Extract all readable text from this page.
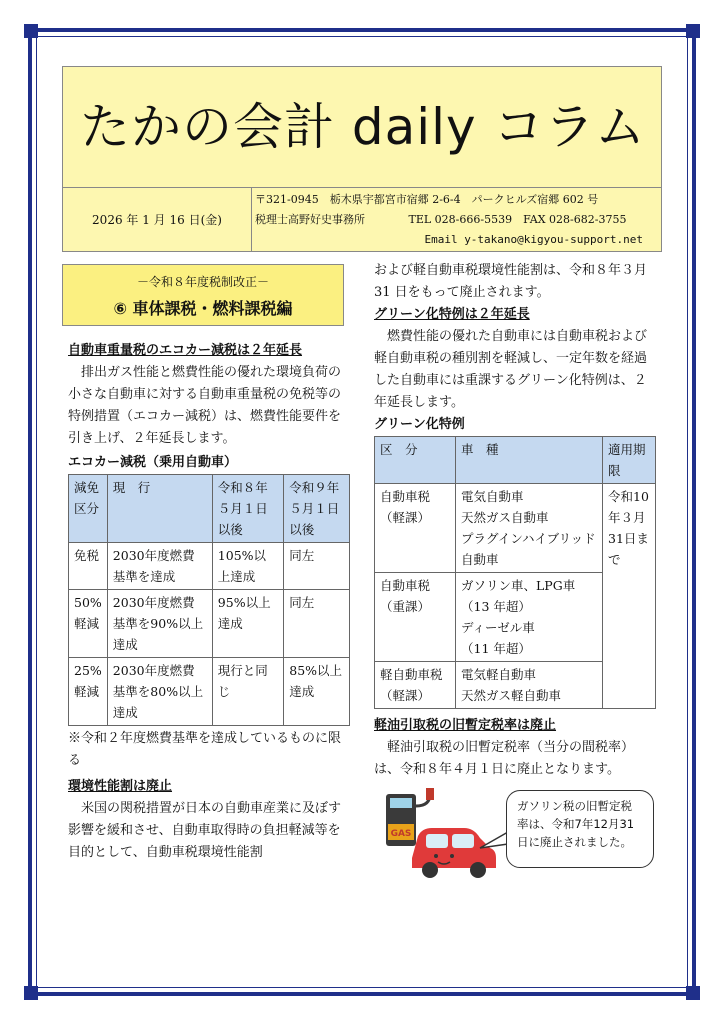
たかの会計 daily コラム
2026 年 1 月 16 日(金)
〒321-0945　栃木県宇都宮市宿郷 2-6-4　パークヒルズ宿郷 602 号
税理士高野好史事務所	TEL 028-666-5539　FAX 028-682-3755
Email y-takano@kigyou-support.net
－令和８年度税制改正－
⑥ 車体課税・燃料課税編
自動車重量税のエコカー減税は２年延長

排出ガス性能と燃費性能の優れた環境負荷の小さな自動車に対する自動車重量税の免税等の特例措置（エコカー減税）は、燃費性能要件を引き上げ、２年延長します。

エコカー減税（乗用自動車）
減免区分	現　行	令和８年５月１日以後	令和９年５月１日以後
免税	2030年度燃費基準を達成	105%以上達成	同左
50%軽減	2030年度燃費基準を90%以上達成	95%以上達成	同左
25%軽減	2030年度燃費基準を80%以上達成	現行と同じ	85%以上達成
※令和２年度燃費基準を達成しているものに限る
環境性能割は廃止

米国の関税措置が日本の自動車産業に及ぼす影響を緩和させ、自動車取得時の負担軽減等を目的として、自動車税環境性能割

および軽自動車税環境性能割は、令和８年３月 31 日をもって廃止されます。
グリーン化特例は２年延長

燃費性能の優れた自動車には自動車税および軽自動車税の種別割を軽減し、一定年数を経過した自動車には重課するグリーン化特例は、２年延長します。

グリーン化特例
区　分	車　種	適用期限
自動車税（軽課）	電気自動車
天然ガス自動車
プラグインハイブリッド自動車	令和10年３月31日まで
自動車税（重課）	ガソリン車、LPG車
（13 年超）
ディーゼル車
（11 年超）	
軽自動車税（軽課）	電気軽自動車
天然ガス軽自動車	
軽油引取税の旧暫定税率は廃止

軽油引取税の旧暫定税率（当分の間税率）は、令和８年４月１日に廃止となります。

GAS
ガソリン税の旧暫定税率は、令和7年12月31日に廃止されました。
